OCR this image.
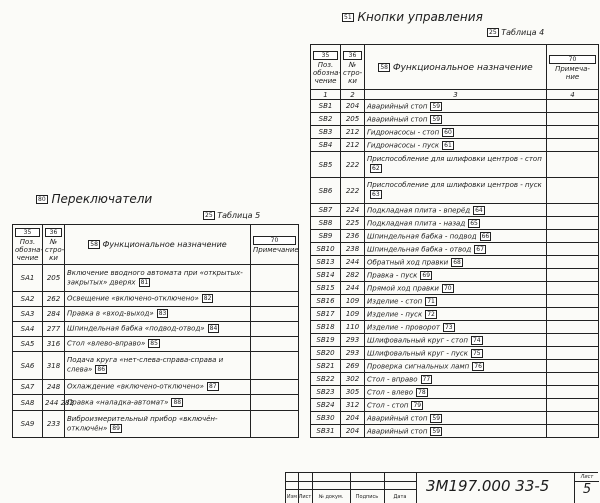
51 Кнопки управления
25 Таблица 4
35
Поз. обозна-чение	36
№ стро-ки	58 Функциональное назначение	70
Примеча-ние
1	2	3	4
SB1	204	Аварийный стоп 59	
SB2	205	Аварийный стоп 59	
SB3	212	Гидронасосы - стоп 60	
SB4	212	Гидронасосы - пуск 61	
SB5	222	Приспособление для шлифовки центров - стоп62	
SB6	222	Приспособление для шлифовки центров - пуск63	
SB7	224	Подкладная плита - вперёд 64	
SB8	225	Подкладная плита - назад 65	
SB9	236	Шпиндельная бабка - подвод 66	
SB10	238	Шпиндельная бабка - отвод 67	
SB13	244	Обратный ход правки 68	
SB14	282	Правка - пуск 69	
SB15	244	Прямой ход правки 70	
SB16	109	Изделие - стоп 71	
SB17	109	Изделие - пуск 72	
SB18	110	Изделие - проворот 73	
SB19	293	Шлифовальный круг - стоп 74	
SB20	293	Шлифовальный круг - пуск 75	
SB21	269	Проверка сигнальных ламп 76	
SB22	302	Стол - вправо 77	
SB23	305	Стол - влево 78	
SB24	312	Стол - стоп 79	
SB30	204	Аварийный стоп 59	
SB31	204	Аварийный стоп 59	
80 Переключатели
25 Таблица 5
35
Поз. обозна-чение	36
№ стро-ки	58 Функциональное назначение	70
Примечание
SA1	205	Включение вводного автомата при «открытых-закрытых» дверях 81	
SA2	262	Освещение «включено-отключено» 82	
SA3	284	Правка в «вход-выход» 83	
SA4	277	Шпиндельная бабка «подвод-отвод» 84	
SA5	316	Стол «влево-вправо» 85	
SA6	318	Подача круга «нет-слева-справа-справа и слева» 86	
SA7	248	Охлаждение «включено-отключено» 87	
SA8	244 282	Правка «наладка-автомат» 88	
SA9	233	Виброизмерительный прибор «включён-отключён» 89	
Изм Лист	№ докум.	Подпись	Дата
3М197.000 33-5	Лист
5
